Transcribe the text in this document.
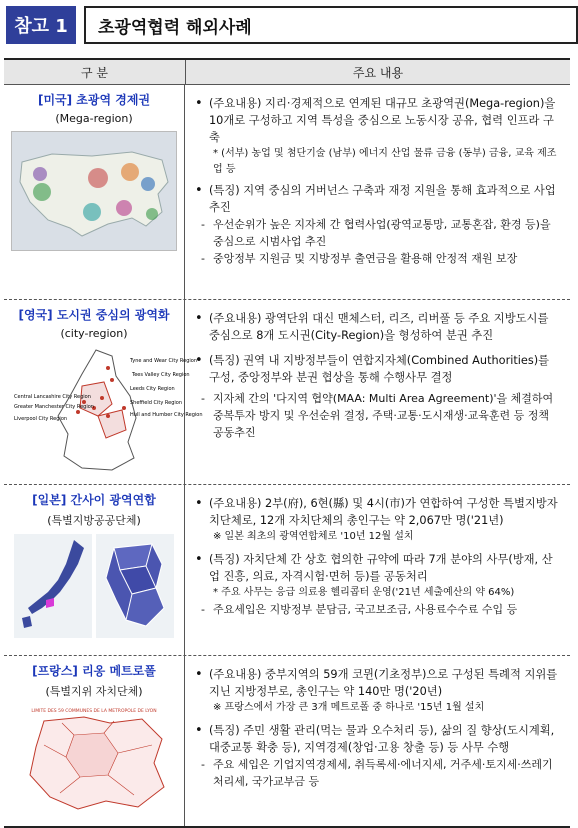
참고 1	초광역협력 해외사례
구 분	주요 내용
[미국] 초광역 경제권
(Mega-region)
• (주요내용) 지리·경제적으로 연계된 대규모 초광역권(Mega-region)을 10개로 구성하고 지역 특성을 중심으로 노동시장 공유, 협력 인프라 구축
* (서부) 농업 및 첨단기술 (남부) 에너지 산업 물류 금융 (동부) 금융, 교육 제조업 등
• (특징) 지역 중심의 거버넌스 구축과 재정 지원을 통해 효과적으로 사업 추진
- 우선순위가 높은 지자체 간 협력사업(광역교통망, 교통혼잡, 환경 등)을 중심으로 시범사업 추진
- 중앙정부 지원금 및 지방정부 출연금을 활용해 안정적 재원 보장
[영국] 도시권 중심의 광역화
(city-region)
Tyne and Wear City Region
Tees Valley City Region
Leeds City Region
Central Lancashire City Region
Greater Manchester City Region
Sheffield City Region
Hull and Humber City Region
Liverpool City Region
• (주요내용) 광역단위 대신 맨체스터, 리즈, 리버풀 등 주요 지방도시를 중심으로 8개 도시권(City-Region)을 형성하여 분권 추진
• (특징) 권역 내 지방정부들이 연합지자체(Combined Authorities)를 구성, 중앙정부와 분권 협상을 통해 수행사무 결정
- 지자체 간의 '다지역 협약(MAA: Multi Area Agreement)'을 체결하여 중복투자 방지 및 우선순위 결정, 주택·교통·도시재생·교육훈련 등 정책 공동추진
[일본] 간사이 광역연합
(특별지방공공단체)
• (주요내용) 2부(府), 6현(縣) 및 4시(市)가 연합하여 구성한 특별지방자치단체로, 12개 자치단체의 총인구는 약 2,067만 명('21년)
※ 일본 최초의 광역연합체로 '10년 12월 설치
• (특징) 자치단체 간 상호 협의한 규약에 따라 7개 분야의 사무(방재, 산업 진흥, 의료, 자격시험·면허 등)를 공동처리
* 주요 사무는 응급 의료용 헬리콥터 운영('21년 세출예산의 약 64%)
- 주요세입은 지방정부 분담금, 국고보조금, 사용료수수료 수입 등
[프랑스] 리옹 메트로폴
(특별지위 자치단체)
LIMITE DES 59 COMMUNES DE LA METROPOLE DE LYON
• (주요내용) 중부지역의 59개 코뮌(기초정부)으로 구성된 특례적 지위를 지닌 지방정부로, 총인구는 약 140만 명('20년)
※ 프랑스에서 가장 큰 3개 메트로폴 중 하나로 '15년 1월 설치
• (특징) 주민 생활 관리(먹는 물과 오수처리 등), 삶의 질 향상(도시계획, 대중교통 확충 등), 지역경제(창업·고용 창출 등) 등 사무 수행
- 주요 세입은 기업지역경제세, 취득록세·에너지세, 거주세·토지세·쓰레기처리세, 국가교부금 등
